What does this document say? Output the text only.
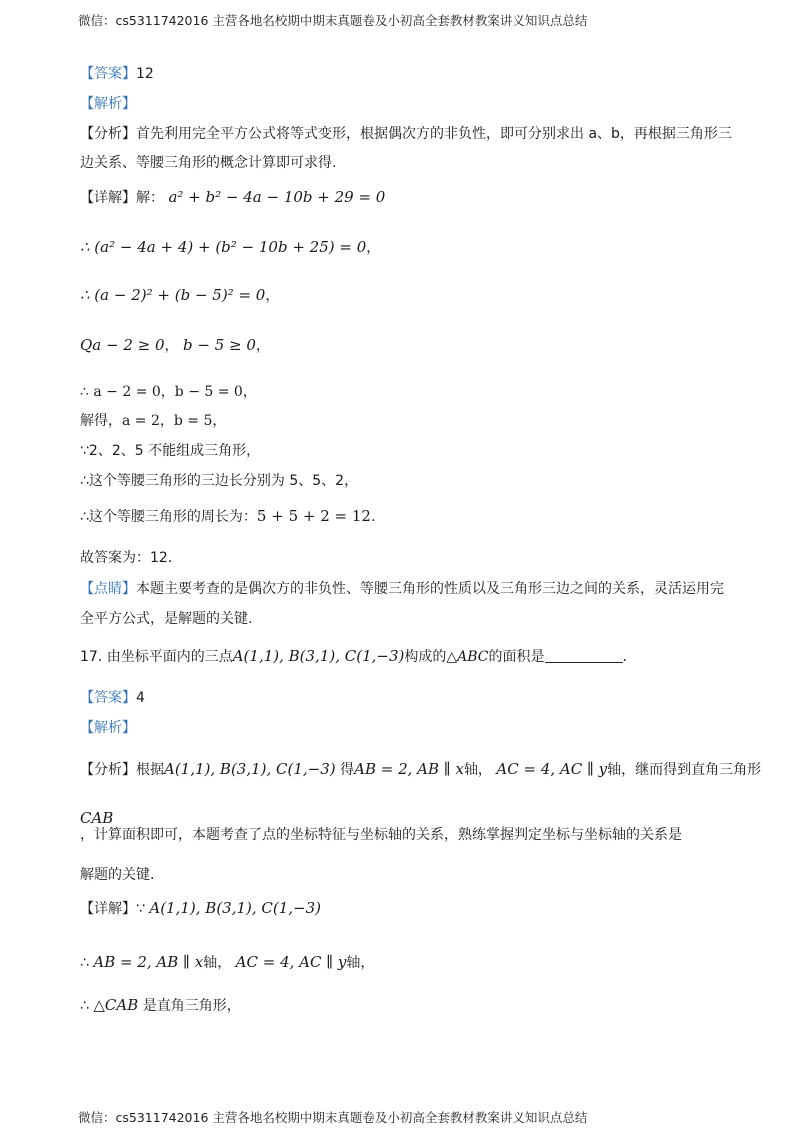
微信：cs5311742016 主营各地名校期中期末真题卷及小初高全套教材教案讲义知识点总结
【答案】12
【解析】
【分析】首先利用完全平方公式将等式变形，根据偶次方的非负性，即可分别求出 a、b，再根据三角形三
边关系、等腰三角形的概念计算即可求得.
【详解】解： a² + b² − 4a − 10b + 29 = 0
∴ (a² − 4a + 4) + (b² − 10b + 25) = 0，
∴ (a − 2)² + (b − 5)² = 0，
Qa − 2 ≥ 0， b − 5 ≥ 0，
∴ a − 2 = 0，b − 5 = 0，
解得，a = 2，b = 5，
∵2、2、5 不能组成三角形，
∴这个等腰三角形的三边长分别为 5、5、2，
∴这个等腰三角形的周长为：5 + 5 + 2 = 12.
故答案为：12.
【点睛】本题主要考查的是偶次方的非负性、等腰三角形的性质以及三角形三边之间的关系，灵活运用完
全平方公式，是解题的关键.
17. 由坐标平面内的三点A(1,1), B(3,1), C(1,−3)构成的△ABC的面积是	.
【答案】4
【解析】
【分析】根据A(1,1), B(3,1), C(1,−3) 得AB = 2, AB ∥ x轴， AC = 4, AC ∥ y轴，继而得到直角三角形
CAB
，计算面积即可，本题考查了点的坐标特征与坐标轴的关系，熟练掌握判定坐标与坐标轴的关系是
解题的关键.
【详解】∵ A(1,1), B(3,1), C(1,−3)
∴ AB = 2, AB ∥ x轴， AC = 4, AC ∥ y轴，
∴ △CAB 是直角三角形，
微信：cs5311742016 主营各地名校期中期末真题卷及小初高全套教材教案讲义知识点总结
